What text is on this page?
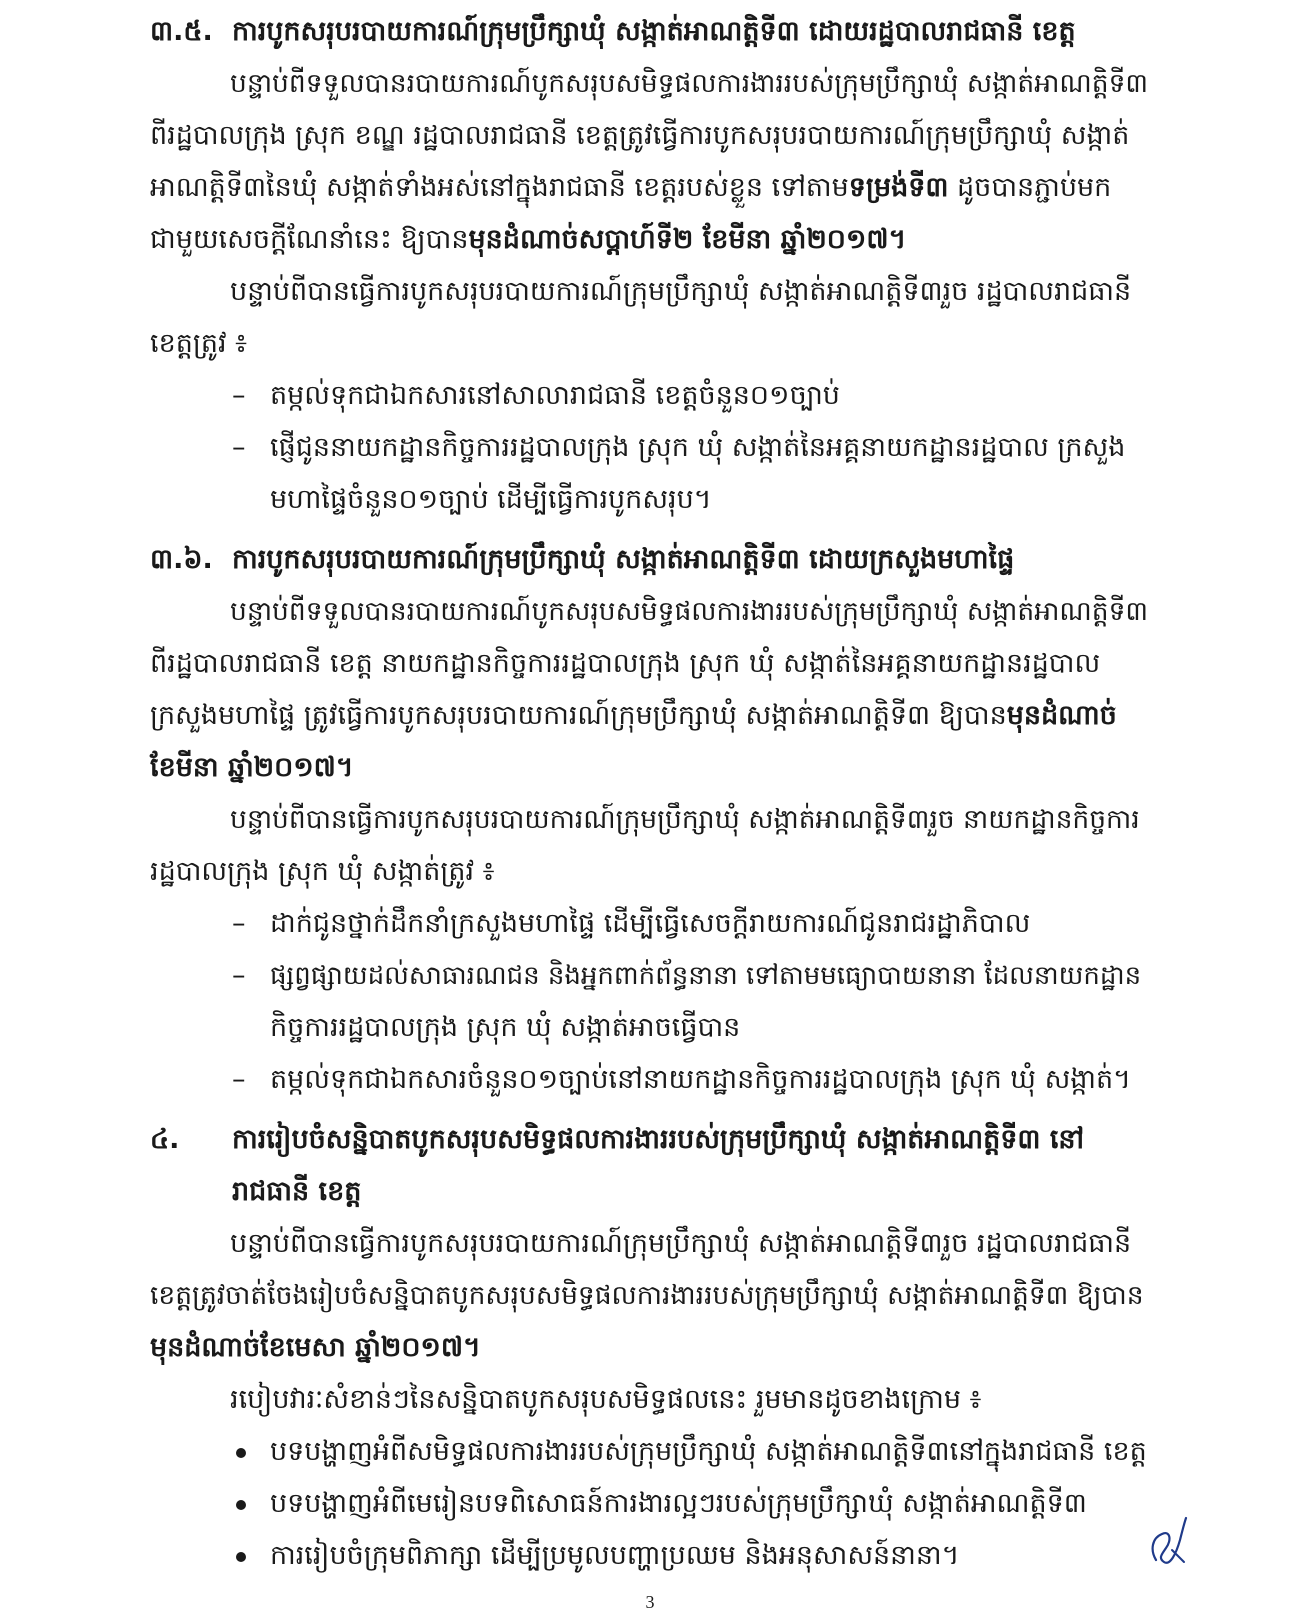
៣.៥. ការបូកសរុបរបាយការណ៍ក្រុមប្រឹក្សាឃុំ សង្កាត់អាណត្តិទី៣ ដោយរដ្ឋបាលរាជធានី ខេត្ត
បន្ទាប់ពីទទួលបានរបាយការណ៍បូកសរុបសមិទ្ធផលការងាររបស់ក្រុមប្រឹក្សាឃុំ សង្កាត់អាណត្តិទី៣
ពីរដ្ឋបាលក្រុង ស្រុក ខណ្ឌ រដ្ឋបាលរាជធានី ខេត្តត្រូវធ្វើការបូកសរុបរបាយការណ៍ក្រុមប្រឹក្សាឃុំ សង្កាត់
អាណត្តិទី៣នៃឃុំ សង្កាត់ទាំងអស់នៅក្នុងរាជធានី ខេត្តរបស់ខ្លួន ទៅតាមទម្រង់ទី៣ ដូចបានភ្ជាប់មក
ជាមួយសេចក្ដីណែនាំនេះ ឱ្យបានមុនដំណាច់សប្ដាហ៍ទី២ ខែមីនា ឆ្នាំ២០១៧។
បន្ទាប់ពីបានធ្វើការបូកសរុបរបាយការណ៍ក្រុមប្រឹក្សាឃុំ សង្កាត់អាណត្តិទី៣រួច រដ្ឋបាលរាជធានី
ខេត្តត្រូវ ៖
– តម្កល់ទុកជាឯកសារនៅសាលារាជធានី ខេត្តចំនួន០១ច្បាប់
– ផ្ញើជូននាយកដ្ឋានកិច្ចការរដ្ឋបាលក្រុង ស្រុក ឃុំ សង្កាត់នៃអគ្គនាយកដ្ឋានរដ្ឋបាល ក្រសួង
មហាផ្ទៃចំនួន០១ច្បាប់ ដើម្បីធ្វើការបូកសរុប។
៣.៦. ការបូកសរុបរបាយការណ៍ក្រុមប្រឹក្សាឃុំ សង្កាត់អាណត្តិទី៣ ដោយក្រសួងមហាផ្ទៃ
បន្ទាប់ពីទទួលបានរបាយការណ៍បូកសរុបសមិទ្ធផលការងាររបស់ក្រុមប្រឹក្សាឃុំ សង្កាត់អាណត្តិទី៣
ពីរដ្ឋបាលរាជធានី ខេត្ត នាយកដ្ឋានកិច្ចការរដ្ឋបាលក្រុង ស្រុក ឃុំ សង្កាត់នៃអគ្គនាយកដ្ឋានរដ្ឋបាល
ក្រសួងមហាផ្ទៃ ត្រូវធ្វើការបូកសរុបរបាយការណ៍ក្រុមប្រឹក្សាឃុំ សង្កាត់អាណត្តិទី៣ ឱ្យបានមុនដំណាច់
ខែមីនា ឆ្នាំ២០១៧។
បន្ទាប់ពីបានធ្វើការបូកសរុបរបាយការណ៍ក្រុមប្រឹក្សាឃុំ សង្កាត់អាណត្តិទី៣រួច នាយកដ្ឋានកិច្ចការ
រដ្ឋបាលក្រុង ស្រុក ឃុំ សង្កាត់ត្រូវ ៖
– ដាក់ជូនថ្នាក់ដឹកនាំក្រសួងមហាផ្ទៃ ដើម្បីធ្វើសេចក្ដីរាយការណ៍ជូនរាជរដ្ឋាភិបាល
– ផ្សព្វផ្សាយដល់សាធារណជន និងអ្នកពាក់ព័ន្ធនានា ទៅតាមមធ្យោបាយនានា ដែលនាយកដ្ឋាន
កិច្ចការរដ្ឋបាលក្រុង ស្រុក ឃុំ សង្កាត់អាចធ្វើបាន
– តម្កល់ទុកជាឯកសារចំនួន០១ច្បាប់នៅនាយកដ្ឋានកិច្ចការរដ្ឋបាលក្រុង ស្រុក ឃុំ សង្កាត់។
៤. ការរៀបចំសន្និបាតបូកសរុបសមិទ្ធផលការងាររបស់ក្រុមប្រឹក្សាឃុំ សង្កាត់អាណត្តិទី៣ នៅ
រាជធានី ខេត្ត
បន្ទាប់ពីបានធ្វើការបូកសរុបរបាយការណ៍ក្រុមប្រឹក្សាឃុំ សង្កាត់អាណត្តិទី៣រួច រដ្ឋបាលរាជធានី
ខេត្តត្រូវចាត់ចែងរៀបចំសន្និបាតបូកសរុបសមិទ្ធផលការងាររបស់ក្រុមប្រឹក្សាឃុំ សង្កាត់អាណត្តិទី៣ ឱ្យបាន
មុនដំណាច់ខែមេសា ឆ្នាំ២០១៧។
របៀបវារៈសំខាន់ៗនៃសន្និបាតបូកសរុបសមិទ្ធផលនេះ រួមមានដូចខាងក្រោម ៖
បទបង្ហាញអំពីសមិទ្ធផលការងាររបស់ក្រុមប្រឹក្សាឃុំ សង្កាត់អាណត្តិទី៣នៅក្នុងរាជធានី ខេត្ត
បទបង្ហាញអំពីមេរៀនបទពិសោធន៍ការងារល្អៗរបស់ក្រុមប្រឹក្សាឃុំ សង្កាត់អាណត្តិទី៣
ការរៀបចំក្រុមពិភាក្សា ដើម្បីប្រមូលបញ្ហាប្រឈម និងអនុសាសន៍នានា។
3
